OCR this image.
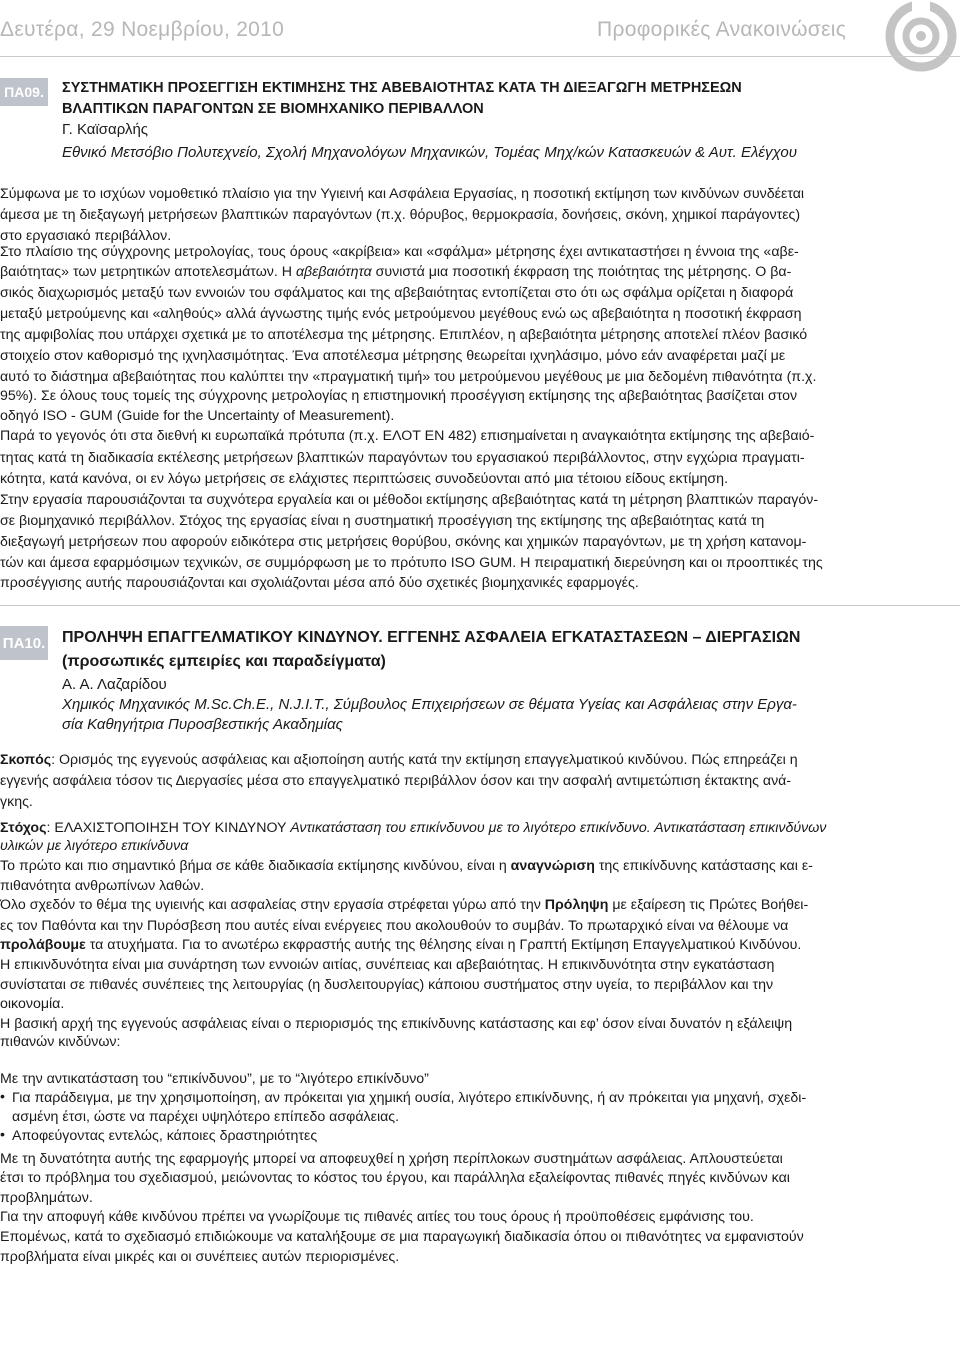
Δευτέρα, 29 Νοεμβρίου, 2010	Προφορικές Ανακοινώσεις
ΠΑ09. ΣΥΣΤΗΜΑΤΙΚΗ ΠΡΟΣΕΓΓΙΣΗ ΕΚΤΙΜΗΣΗΣ ΤΗΣ ΑΒΕΒΑΙΟΤΗΤΑΣ ΚΑΤΑ ΤΗ ΔΙΕΞΑΓΩΓΗ ΜΕΤΡΗΣΕΩΝ
ΒΛΑΠΤΙΚΩΝ ΠΑΡΑΓΟΝΤΩΝ ΣΕ ΒΙΟΜΗΧΑΝΙΚΟ ΠΕΡΙΒΑΛΛΟΝ
Γ. Καϊσαρλής
Εθνικό Μετσόβιο Πολυτεχνείο, Σχολή Μηχανολόγων Μηχανικών, Τομέας Μηχ/κών Κατασκευών & Αυτ. Ελέγχου
Σύμφωνα με το ισχύων νομοθετικό πλαίσιο για την Υγιεινή και Ασφάλεια Εργασίας, η ποσοτική εκτίμηση των κινδύνων συνδέεται
άμεσα με τη διεξαγωγή μετρήσεων βλαπτικών παραγόντων (π.χ. θόρυβος, θερμοκρασία, δονήσεις, σκόνη, χημικοί παράγοντες)
στο εργασιακό περιβάλλον.
Στο πλαίσιο της σύγχρονης μετρολογίας, τους όρους «ακρίβεια» και «σφάλμα» μέτρησης έχει αντικαταστήσει η έννοια της «αβε-
βαιότητας» των μετρητικών αποτελεσμάτων. Η αβεβαιότητα συνιστά μια ποσοτική έκφραση της ποιότητας της μέτρησης. Ο βα-
σικός διαχωρισμός μεταξύ των εννοιών του σφάλματος και της αβεβαιότητας εντοπίζεται στο ότι ως σφάλμα ορίζεται η διαφορά
μεταξύ μετρούμενης και «αληθούς» αλλά άγνωστης τιμής ενός μετρούμενου μεγέθους ενώ ως αβεβαιότητα η ποσοτική έκφραση
της αμφιβολίας που υπάρχει σχετικά με το αποτέλεσμα της μέτρησης. Επιπλέον, η αβεβαιότητα μέτρησης αποτελεί πλέον βασικό
στοιχείο στον καθορισμό της ιχνηλασιμότητας. Ένα αποτέλεσμα μέτρησης θεωρείται ιχνηλάσιμο, μόνο εάν αναφέρεται μαζί με
αυτό το διάστημα αβεβαιότητας που καλύπτει την «πραγματική τιμή» του μετρούμενου μεγέθους με μια δεδομένη πιθανότητα (π.χ.
95%). Σε όλους τους τομείς της σύγχρονης μετρολογίας η επιστημονική προσέγγιση εκτίμησης της αβεβαιότητας βασίζεται στον
οδηγό ISO - GUM (Guide for the Uncertainty of Measurement).
Παρά το γεγονός ότι στα διεθνή κι ευρωπαϊκά πρότυπα (π.χ. ΕΛΟΤ ΕΝ 482) επισημαίνεται η αναγκαιότητα εκτίμησης της αβεβαιό-
τητας κατά τη διαδικασία εκτέλεσης μετρήσεων βλαπτικών παραγόντων του εργασιακού περιβάλλοντος, στην εγχώρια πραγματι-
κότητα, κατά κανόνα, οι εν λόγω μετρήσεις σε ελάχιστες περιπτώσεις συνοδεύονται από μια τέτοιου είδους εκτίμηση.
Στην εργασία παρουσιάζονται τα συχνότερα εργαλεία και οι μέθοδοι εκτίμησης αβεβαιότητας κατά τη μέτρηση βλαπτικών παραγόν-
σε βιομηχανικό περιβάλλον. Στόχος της εργασίας είναι η συστηματική προσέγγιση της εκτίμησης της αβεβαιότητας κατά τη
διεξαγωγή μετρήσεων που αφορούν ειδικότερα στις μετρήσεις θορύβου, σκόνης και χημικών παραγόντων, με τη χρήση κατανομ-
τών και άμεσα εφαρμόσιμων τεχνικών, σε συμμόρφωση με το πρότυπο ISO GUM. Η πειραματική διερεύνηση και οι προοπτικές της
προσέγγισης αυτής παρουσιάζονται και σχολιάζονται μέσα από δύο σχετικές βιομηχανικές εφαρμογές.
ΠΑ10. ΠΡΟΛΗΨΗ ΕΠΑΓΓΕΛΜΑΤΙΚΟΥ ΚΙΝΔΥΝΟΥ. ΕΓΓΕΝΗΣ ΑΣΦΑΛΕΙΑ ΕΓΚΑΤΑΣΤΑΣΕΩΝ – ΔΙΕΡΓΑΣΙΩΝ
(προσωπικές εμπειρίες και παραδείγματα)
Α. Α. Λαζαρίδου
Χημικός Μηχανικός M.Sc.Ch.E., N.J.I.T., Σύμβουλος Επιχειρήσεων σε θέματα Υγείας και Ασφάλειας στην Εργα-
σία Καθηγήτρια Πυροσβεστικής Ακαδημίας
Σκοπός: Ορισμός της εγγενούς ασφάλειας και αξιοποίηση αυτής κατά την εκτίμηση επαγγελματικού κινδύνου. Πώς επηρεάζει η
εγγενής ασφάλεια τόσον τις Διεργασίες μέσα στο επαγγελματικό περιβάλλον όσον και την ασφαλή αντιμετώπιση έκτακτης ανά-
γκης.
Στόχος: ΕΛΑΧΙΣΤΟΠΟΙΗΣΗ ΤΟΥ ΚΙΝΔΥΝΟΥ Αντικατάσταση του επικίνδυνου με το λιγότερο επικίνδυνο. Αντικατάσταση επικινδύνων
υλικών με λιγότερο επικίνδυνα
Το πρώτο και πιο σημαντικό βήμα σε κάθε διαδικασία εκτίμησης κινδύνου, είναι η αναγνώριση της επικίνδυνης κατάστασης και ε-
πιθανότητα ανθρωπίνων λαθών.
Όλο σχεδόν το θέμα της υγιεινής και ασφαλείας στην εργασία στρέφεται γύρω από την Πρόληψη με εξαίρεση τις Πρώτες Βοήθει-
ες τον Παθόντα και την Πυρόσβεση που αυτές είναι ενέργειες που ακολουθούν το συμβάν. Το πρωταρχικό είναι να θέλουμε να
προλάβουμε τα ατυχήματα. Για το ανωτέρω εκφραστής αυτής της θέλησης είναι η Γραπτή Εκτίμηση Επαγγελματικού Κινδύνου.
Η επικινδυνότητα είναι μια συνάρτηση των εννοιών αιτίας, συνέπειας και αβεβαιότητας. Η επικινδυνότητα στην εγκατάσταση
συνίσταται σε πιθανές συνέπειες της λειτουργίας (η δυσλειτουργίας) κάποιου συστήματος στην υγεία, το περιβάλλον και την
οικονομία.
Η βασική αρχή της εγγενούς ασφάλειας είναι ο περιορισμός της επικίνδυνης κατάστασης και εφ’ όσον είναι δυνατόν η εξάλειψη
πιθανών κινδύνων:
Με την αντικατάσταση του “επικίνδυνου”, με το “λιγότερο επικίνδυνο”
• Για παράδειγμα, με την χρησιμοποίηση, αν πρόκειται για χημική ουσία, λιγότερο επικίνδυνης, ή αν πρόκειται για μηχανή, σχεδι-
ασμένη έτσι, ώστε να παρέχει υψηλότερο επίπεδο ασφάλειας.
• Αποφεύγοντας εντελώς, κάποιες δραστηριότητες
Με τη δυνατότητα αυτής της εφαρμογής μπορεί να αποφευχθεί η χρήση περίπλοκων συστημάτων ασφάλειας. Απλουστεύεται
έτσι το πρόβλημα του σχεδιασμού, μειώνοντας το κόστος του έργου, και παράλληλα εξαλείφοντας πιθανές πηγές κινδύνων και
προβλημάτων.
Για την αποφυγή κάθε κινδύνου πρέπει να γνωρίζουμε τις πιθανές αιτίες του τους όρους ή προϋποθέσεις εμφάνισης του.
Επομένως, κατά το σχεδιασμό επιδιώκουμε να καταλήξουμε σε μια παραγωγική διαδικασία όπου οι πιθανότητες να εμφανιστούν
προβλήματα είναι μικρές και οι συνέπειες αυτών περιορισμένες.
